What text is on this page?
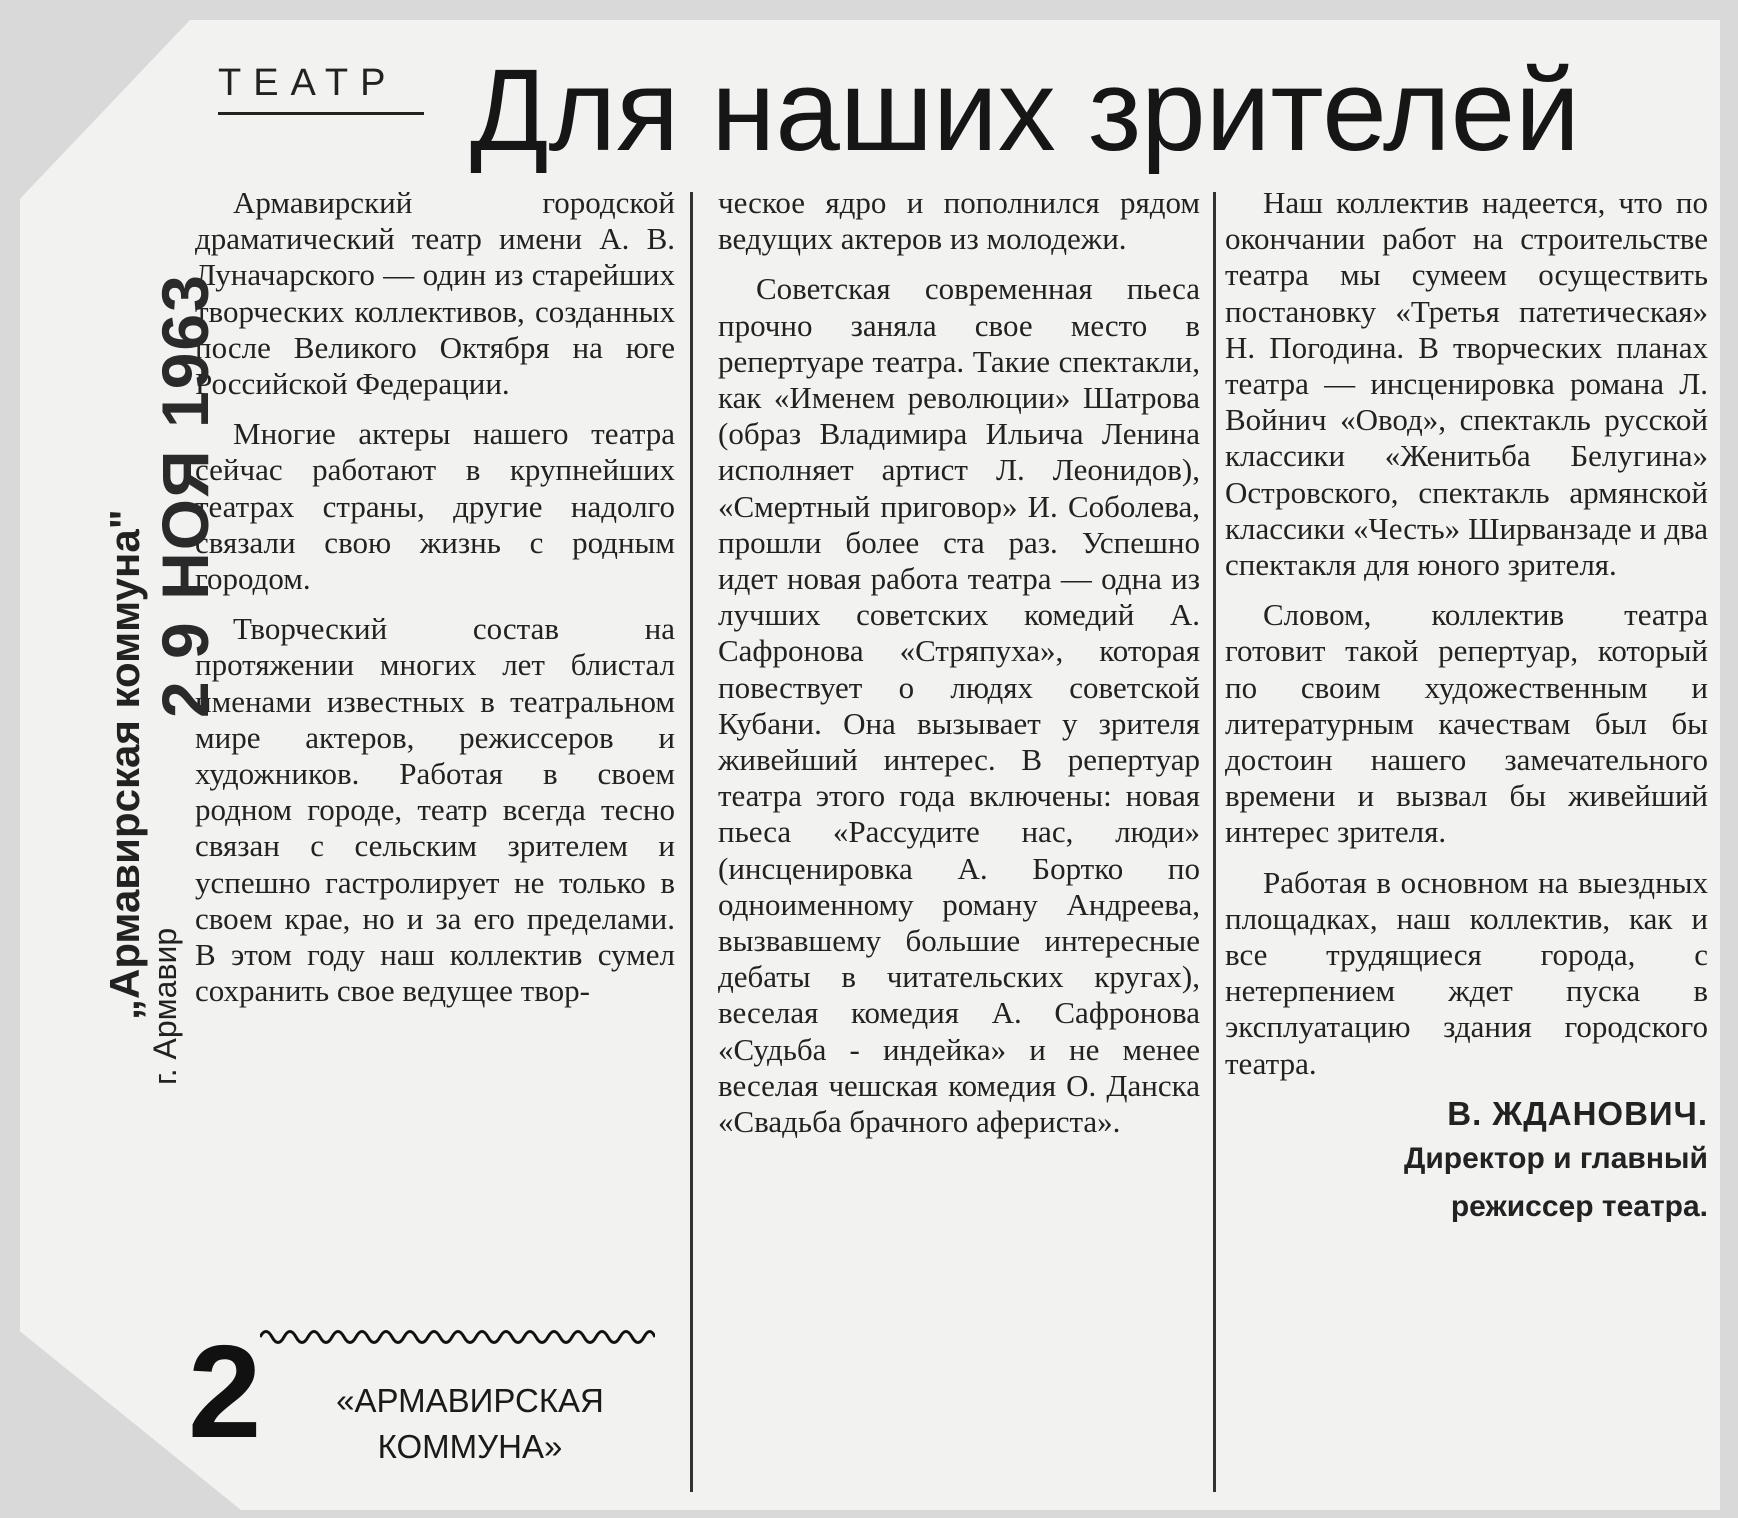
ТЕАТР Для наших зрителей

Армавирский городской драматический театр имени А. В. Луначарского — один из старейших творческих коллективов, созданных после Великого Октября на юге Российской Федерации.

Многие актеры нашего театра сейчас работают в крупнейших театрах страны, другие надолго связали свою жизнь с родным городом.

Творческий состав на протяжении многих лет блистал именами известных в театральном мире актеров, режиссеров и художников. Работая в своем родном городе, театр всегда тесно связан с сельским зрителем и успешно гастролирует не только в своем крае, но и за его пределами. В этом году наш коллектив сумел сохранить свое ведущее твор-

ческое ядро и пополнился рядом ведущих актеров из молодежи.

Советская современная пьеса прочно заняла свое место в репертуаре театра. Такие спектакли, как «Именем революции» Шатрова (образ Владимира Ильича Ленина исполняет артист Л. Леонидов), «Смертный приговор» И. Соболева, прошли более ста раз. Успешно идет новая работа театра — одна из лучших советских комедий А. Сафронова «Стряпуха», которая повествует о людях советской Кубани. Она вызывает у зрителя живейший интерес. В репертуар театра этого года включены: новая пьеса «Рассудите нас, люди» (инсценировка А. Бортко по одноименному роману Андреева, вызвавшему большие интересные дебаты в читательских кругах), веселая комедия А. Сафронова «Судьба - индейка» и не менее веселая чешская комедия О. Данска «Свадьба брачного афериста».

Наш коллектив надеется, что по окончании работ на строительстве театра мы сумеем осуществить постановку «Третья патетическая» Н. Погодина. В творческих планах театра — инсценировка романа Л. Войнич «Овод», спектакль русской классики «Женитьба Белугина» Островского, спектакль армянской классики «Честь» Ширванзаде и два спектакля для юного зрителя.

Словом, коллектив театра готовит такой репертуар, который по своим художественным и литературным качествам был бы достоин нашего замечательного времени и вызвал бы живейший интерес зрителя.

Работая в основном на выездных площадках, наш коллектив, как и все трудящиеся города, с нетерпением ждет пуска в эксплуатацию здания городского театра.

В. ЖДАНОВИЧ.
Директор и главный
режиссер театра.
2	«АРМАВИРСКАЯ
КОММУНА»
„Армавирская коммуна" г. Армавир
2 9 НОЯ 1963
